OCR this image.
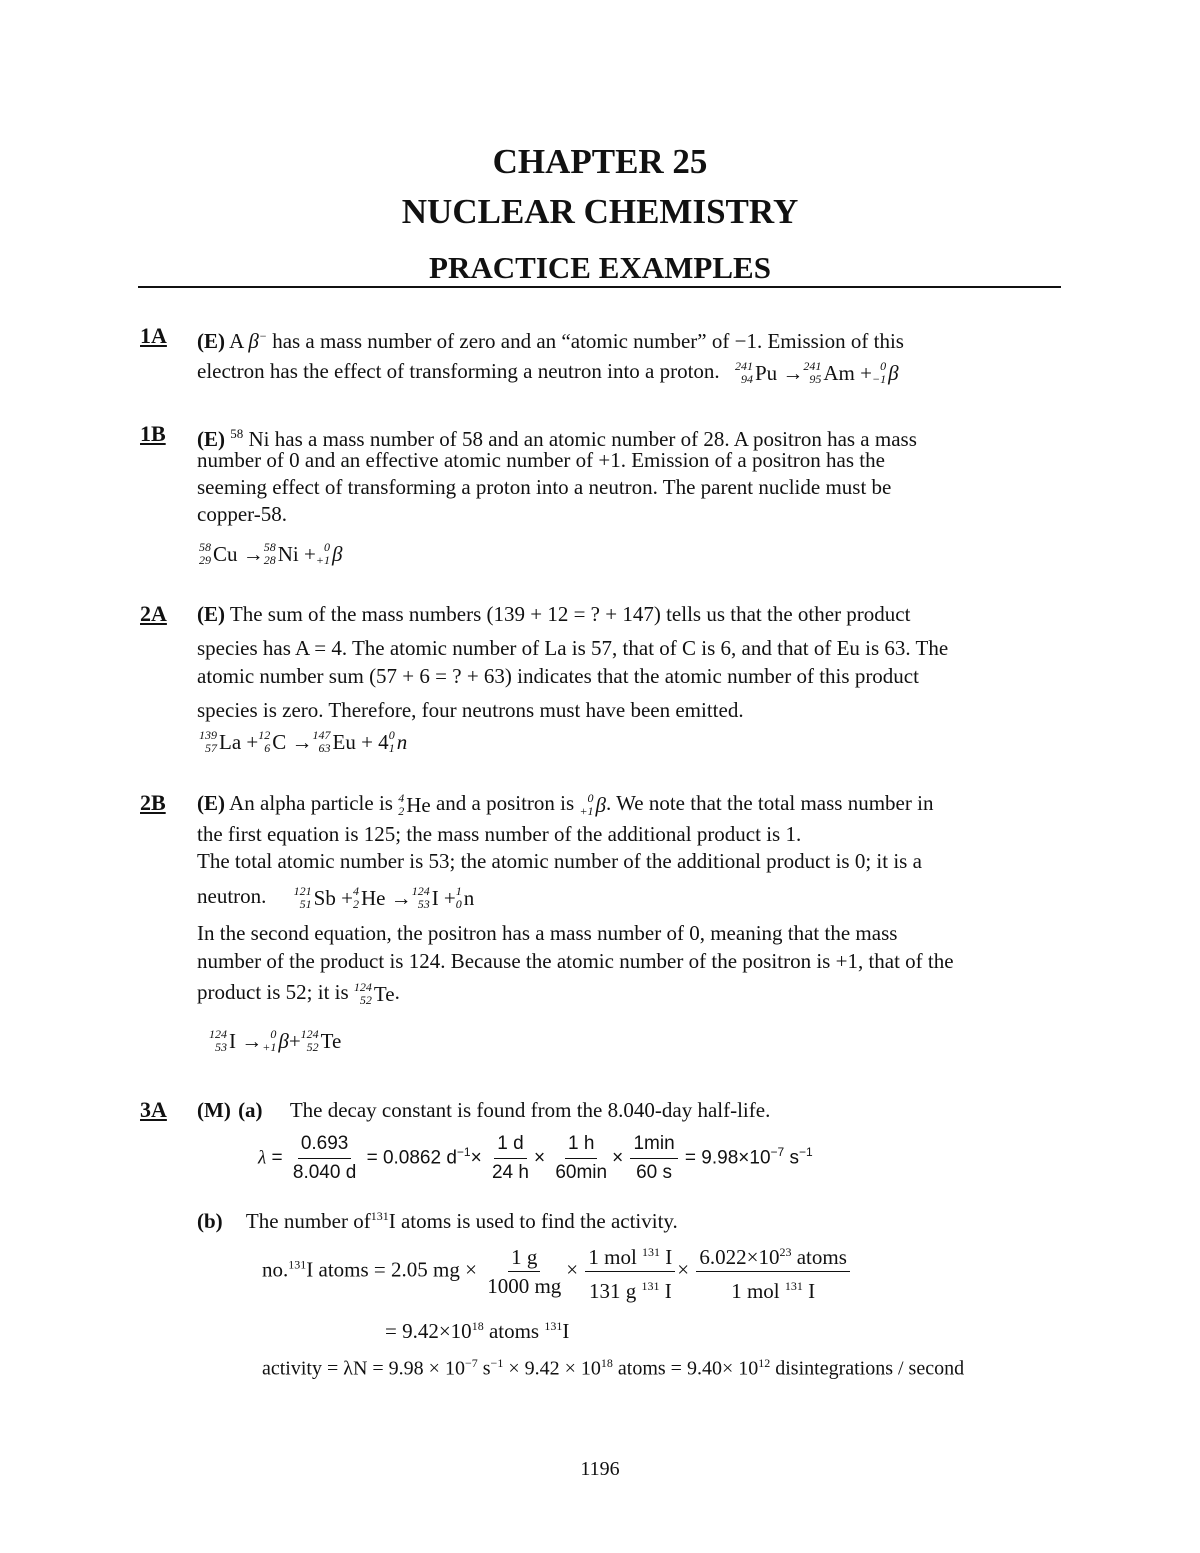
CHAPTER 25
NUCLEAR CHEMISTRY
PRACTICE EXAMPLES
1A (E) A β− has a mass number of zero and an “atomic number” of −1. Emission of this
electron has the effect of transforming a neutron into a proton. 241
94 Pu → 241
95 Am + 0
−1 β
1B (E) $^{58}$ Ni has a mass number of 58 and an atomic number of 28. A positron has a mass
number of 0 and an effective atomic number of +1. Emission of a positron has the
seeming effect of transforming a proton into a neutron. The parent nuclide must be
copper-58.
58
29 Cu → 58
28 Ni + 0
+1 β
2A (E) The sum of the mass numbers (139 + 12 = ? + 147) tells us that the other product
species has A = 4. The atomic number of La is 57, that of C is 6, and that of Eu is 63. The
atomic number sum (57 + 6 = ? + 63) indicates that the atomic number of this product
species is zero. Therefore, four neutrons must have been emitted.
139
57 La + 12
6 C → 147
63 Eu + 4 0
1 n
2B (E) An alpha particle is 4
2 He and a positron is	0
+1 β . We note that the total mass number in
the first equation is 125; the mass number of the additional product is 1.
The total atomic number is 53; the atomic number of the additional product is 0; it is a
neutron. 121
51 Sb + 4
2 He → 124
53 I + 1
0 n
In the second equation, the positron has a mass number of 0, meaning that the mass
number of the product is 124. Because the atomic number of the positron is +1, that of the
product is 52; it is 124
52 Te.
124
53 I → 0
+1 β + 124
52 Te
3A (M) (a) The decay constant is found from the 8.040-day half-life.
$\lambda = \frac{0.693}{8.040 d} = 0.0862$ $d^{-1}\times \frac{1 d}{24 h} \times \frac{1 h}{60\min} \times \frac{1\min}{60 s} = 9.98\times 10^{-7}$ $s^{-1}$
(b) The number $of^{131}I$ atoms is used to find the activity.
no.$^{131}$I atoms = 2.05 mg × $\frac{1 g}{1000 mg} \times \frac{1 mol ^{131} I}{131 g ^{131} I} \times \frac{6.022\times 10^{23} atoms}{1 mol ^{131} I}$
= $9.42\times 10^{18}$ atoms $^{131}$I
activity = $\lambda N = 9.98 \times 10^{-7}$ $s^{-1} \times 9.42 \times 10^{18}$ atoms = $9.40\times 10^{12}$ disintegrations / second
1196
